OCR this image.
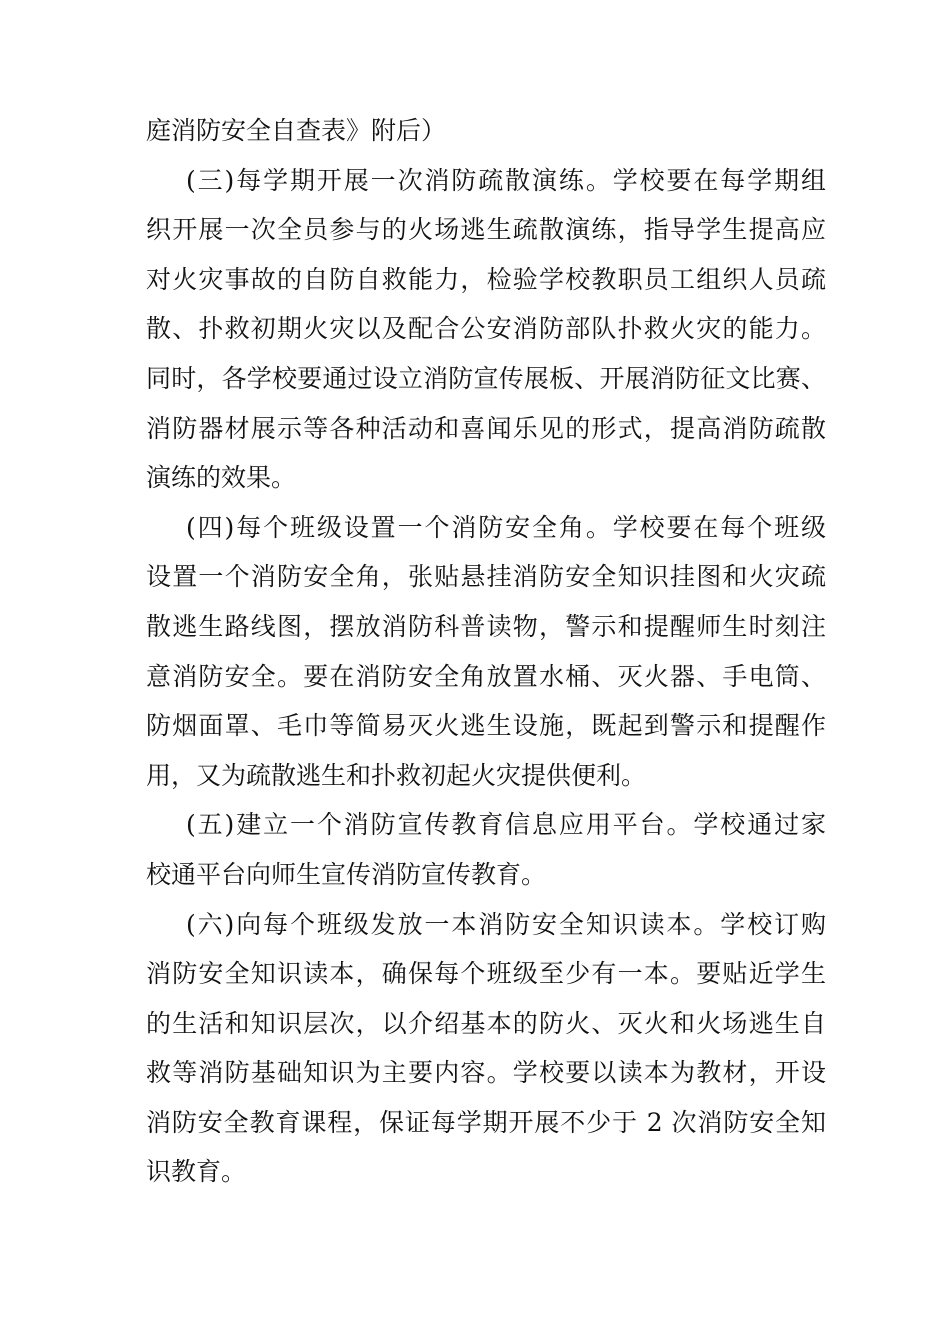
庭消防安全自查表》附后）
(三)每学期开展一次消防疏散演练。学校要在每学期组
织开展一次全员参与的火场逃生疏散演练，指导学生提高应
对火灾事故的自防自救能力，检验学校教职员工组织人员疏
散、扑救初期火灾以及配合公安消防部队扑救火灾的能力。
同时，各学校要通过设立消防宣传展板、开展消防征文比赛、
消防器材展示等各种活动和喜闻乐见的形式，提高消防疏散
演练的效果。
(四)每个班级设置一个消防安全角。学校要在每个班级
设置一个消防安全角，张贴悬挂消防安全知识挂图和火灾疏
散逃生路线图，摆放消防科普读物，警示和提醒师生时刻注
意消防安全。要在消防安全角放置水桶、灭火器、手电筒、
防烟面罩、毛巾等简易灭火逃生设施，既起到警示和提醒作
用，又为疏散逃生和扑救初起火灾提供便利。
(五)建立一个消防宣传教育信息应用平台。学校通过家
校通平台向师生宣传消防宣传教育。
(六)向每个班级发放一本消防安全知识读本。学校订购
消防安全知识读本，确保每个班级至少有一本。要贴近学生
的生活和知识层次，以介绍基本的防火、灭火和火场逃生自
救等消防基础知识为主要内容。学校要以读本为教材，开设
消防安全教育课程，保证每学期开展不少于 2 次消防安全知
识教育。
